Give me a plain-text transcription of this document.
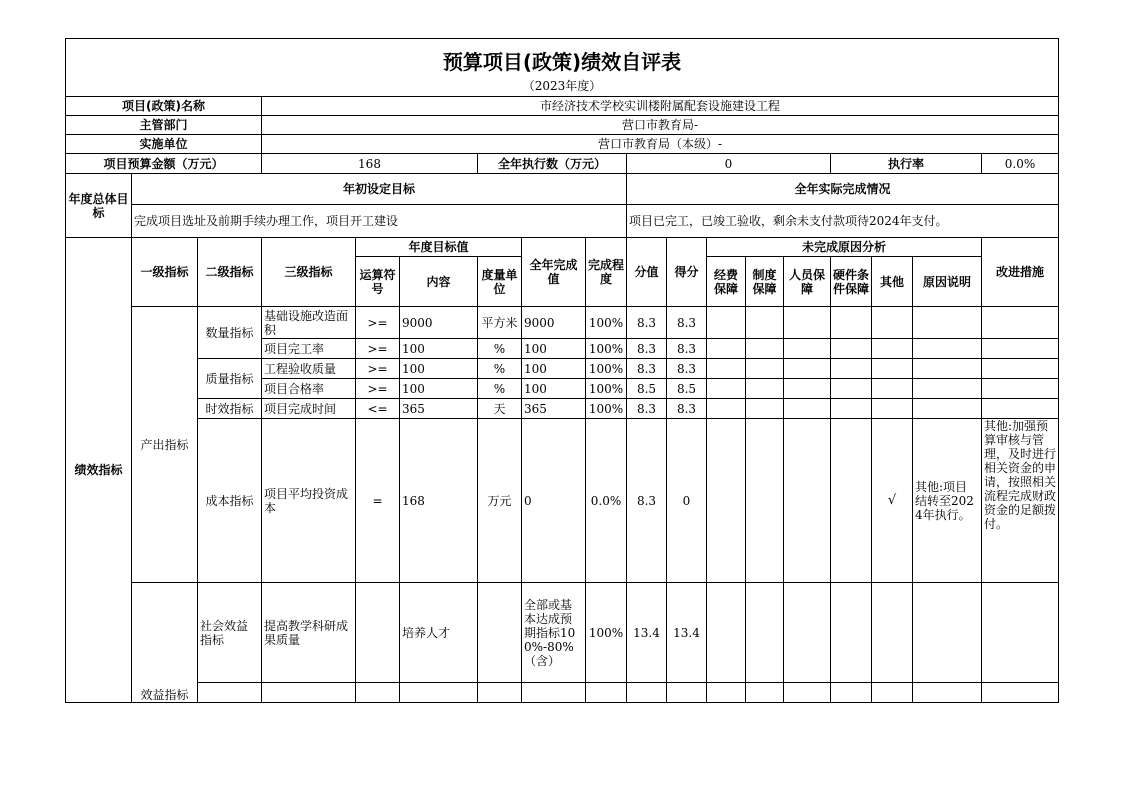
预算项目(政策)绩效自评表																	
（2023年度）																	
项目(政策)名称			市经济技术学校实训楼附属配套设施建设工程														
主管部门			营口市教育局-														
实施单位			营口市教育局（本级）-														
项目预算金额（万元）			168			全年执行数（万元）			0					执行率			0.0%
年度总体目标	年初设定目标								全年实际完成情况								
	完成项目选址及前期手续办理工作，项目开工建设								项目已完工，已竣工验收，剩余未支付款项待2024年支付。								
绩效指标	一级指标	二级指标	三级指标	年度目标值			全年完成值	完成程度	分值	得分	未完成原因分析						改进措施
				运算符号	内容	度量单位					经费保障	制度保障	人员保障	硬件条件保障	其他	原因说明	
	产出指标	数量指标	基础设施改造面积	>=	9000	平方米	9000	100%	8.3	8.3							
			项目完工率	>=	100	%	100	100%	8.3	8.3							
		质量指标	工程验收质量	>=	100	%	100	100%	8.3	8.3							
			项目合格率	>=	100	%	100	100%	8.5	8.5							
		时效指标	项目完成时间	<=	365	天	365	100%	8.3	8.3							
		成本指标	项目平均投资成本	=	168	万元	0	0.0%	8.3	0					√	其他:项目结转至2024年执行。	其他:加强预算审核与管理，及时进行相关资金的申请，按照相关流程完成财政资金的足额拨付。
	效益指标	社会效益指标	提高教学科研成果质量		培养人才		全部或基本达成预期指标100%-80%（含）	100%	13.4	13.4							
